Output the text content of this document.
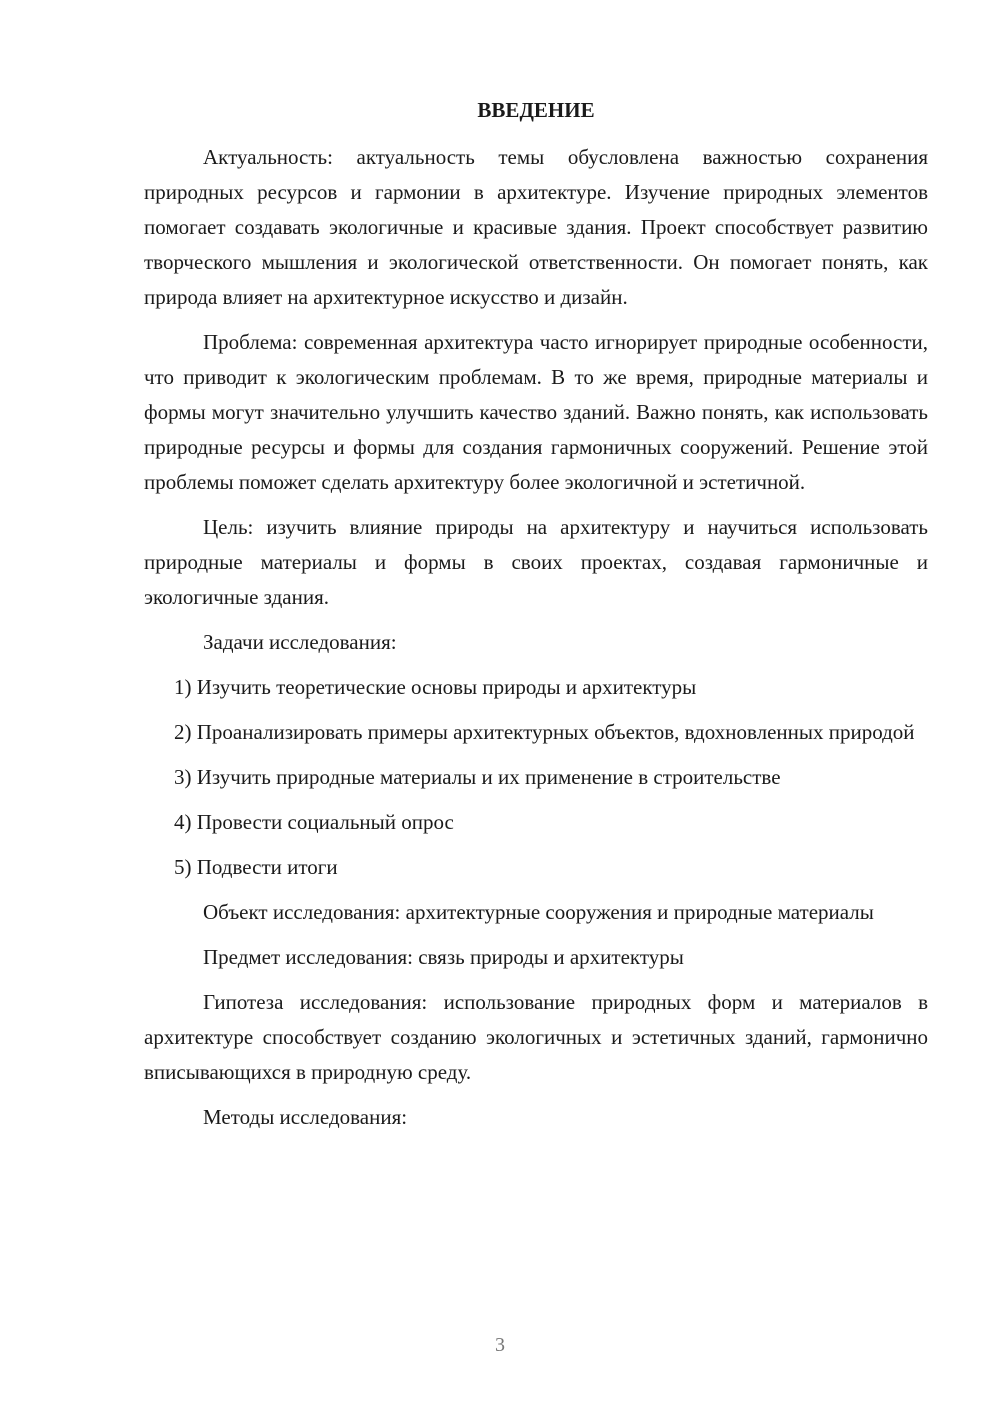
ВВЕДЕНИЕ

Актуальность: актуальность темы обусловлена важностью сохранения природных ресурсов и гармонии в архитектуре. Изучение природных элементов помогает создавать экологичные и красивые здания. Проект способствует развитию творческого мышления и экологической ответственности. Он помогает понять, как природа влияет на архитектурное искусство и дизайн.

Проблема: современная архитектура часто игнорирует природные особенности, что приводит к экологическим проблемам. В то же время, природные материалы и формы могут значительно улучшить качество зданий. Важно понять, как использовать природные ресурсы и формы для создания гармоничных сооружений. Решение этой проблемы поможет сделать архитектуру более экологичной и эстетичной.

Цель: изучить влияние природы на архитектуру и научиться использовать природные материалы и формы в своих проектах, создавая гармоничные и экологичные здания.

Задачи исследования:

1) Изучить теоретические основы природы и архитектуры

2) Проанализировать примеры архитектурных объектов, вдохновленных природой

3) Изучить природные материалы и их применение в строительстве

4) Провести социальный опрос

5) Подвести итоги

Объект исследования: архитектурные сооружения и природные материалы

Предмет исследования: связь природы и архитектуры

Гипотеза исследования: использование природных форм и материалов в архитектуре способствует созданию экологичных и эстетичных зданий, гармонично вписывающихся в природную среду.

Методы исследования:

3
